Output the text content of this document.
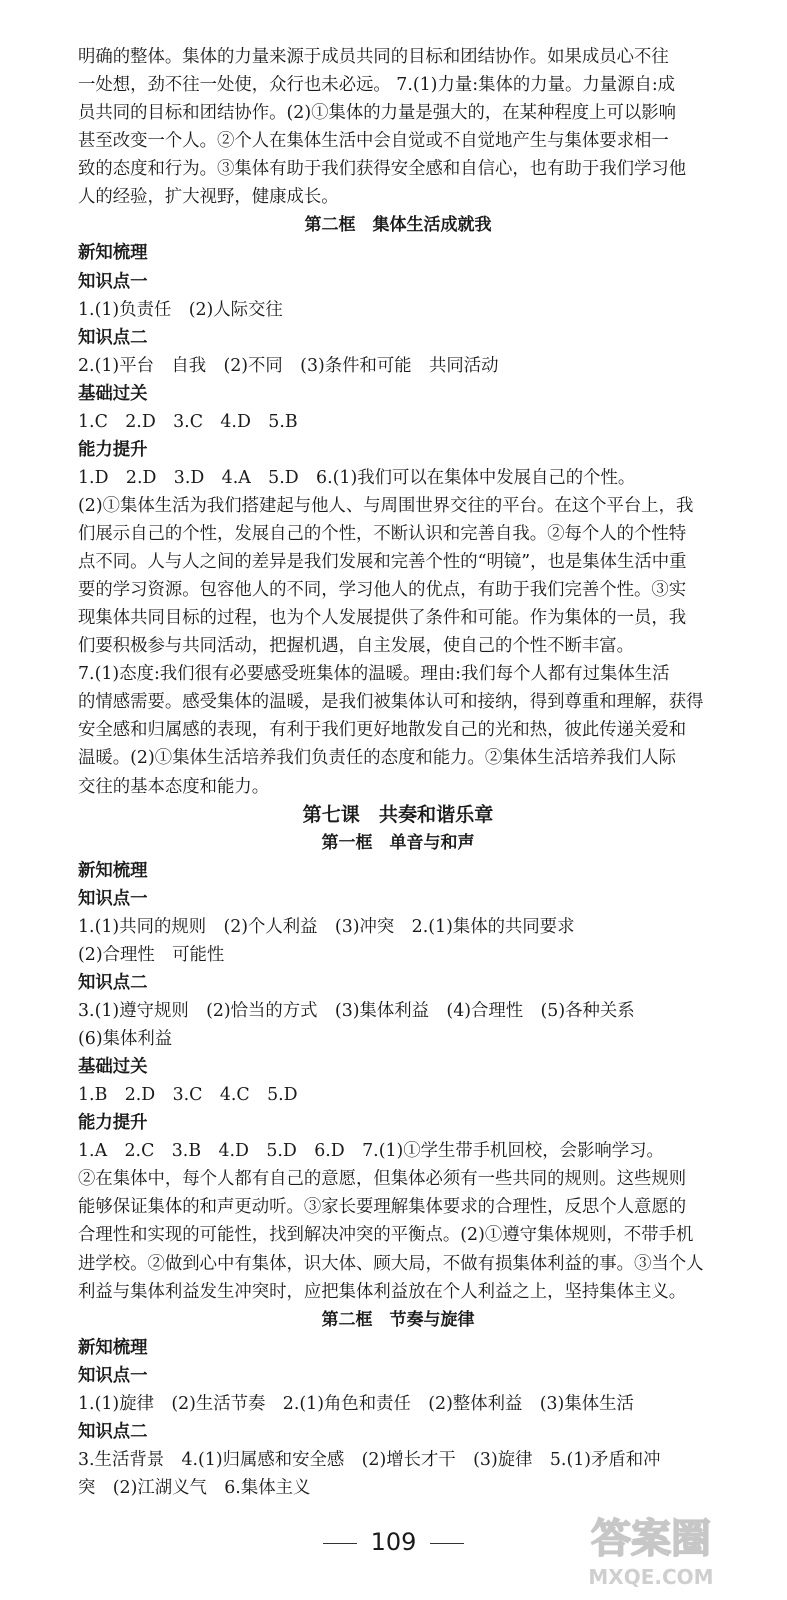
明确的整体。集体的力量来源于成员共同的目标和团结协作。如果成员心不往
一处想，劲不往一处使，众行也未必远。 7.(1)力量:集体的力量。力量源自:成
员共同的目标和团结协作。(2)①集体的力量是强大的，在某种程度上可以影响
甚至改变一个人。②个人在集体生活中会自觉或不自觉地产生与集体要求相一
致的态度和行为。③集体有助于我们获得安全感和自信心，也有助于我们学习他
人的经验，扩大视野，健康成长。
第二框　集体生活成就我
新知梳理
知识点一
1.(1)负责任　(2)人际交往
知识点二
2.(1)平台　自我　(2)不同　(3)条件和可能　共同活动
基础过关
1.C　2.D　3.C　4.D　5.B
能力提升
1.D　2.D　3.D　4.A　5.D　6.(1)我们可以在集体中发展自己的个性。
(2)①集体生活为我们搭建起与他人、与周围世界交往的平台。在这个平台上，我
们展示自己的个性，发展自己的个性，不断认识和完善自我。②每个人的个性特
点不同。人与人之间的差异是我们发展和完善个性的“明镜”，也是集体生活中重
要的学习资源。包容他人的不同，学习他人的优点，有助于我们完善个性。③实
现集体共同目标的过程，也为个人发展提供了条件和可能。作为集体的一员，我
们要积极参与共同活动，把握机遇，自主发展，使自己的个性不断丰富。
7.(1)态度:我们很有必要感受班集体的温暖。理由:我们每个人都有过集体生活
的情感需要。感受集体的温暖，是我们被集体认可和接纳，得到尊重和理解，获得
安全感和归属感的表现，有利于我们更好地散发自己的光和热，彼此传递关爱和
温暖。(2)①集体生活培养我们负责任的态度和能力。②集体生活培养我们人际
交往的基本态度和能力。
第七课　共奏和谐乐章
第一框　单音与和声
新知梳理
知识点一
1.(1)共同的规则　(2)个人利益　(3)冲突　2.(1)集体的共同要求
(2)合理性　可能性
知识点二
3.(1)遵守规则　(2)恰当的方式　(3)集体利益　(4)合理性　(5)各种关系
(6)集体利益
基础过关
1.B　2.D　3.C　4.C　5.D
能力提升
1.A　2.C　3.B　4.D　5.D　6.D　7.(1)①学生带手机回校，会影响学习。
②在集体中，每个人都有自己的意愿，但集体必须有一些共同的规则。这些规则
能够保证集体的和声更动听。③家长要理解集体要求的合理性，反思个人意愿的
合理性和实现的可能性，找到解决冲突的平衡点。(2)①遵守集体规则，不带手机
进学校。②做到心中有集体，识大体、顾大局，不做有损集体利益的事。③当个人
利益与集体利益发生冲突时，应把集体利益放在个人利益之上，坚持集体主义。
第二框　节奏与旋律
新知梳理
知识点一
1.(1)旋律　(2)生活节奏　2.(1)角色和责任　(2)整体利益　(3)集体生活
知识点二
3.生活背景　4.(1)归属感和安全感　(2)增长才干　(3)旋律　5.(1)矛盾和冲
突　(2)江湖义气　6.集体主义
109	答案圈
MXQE.COM
